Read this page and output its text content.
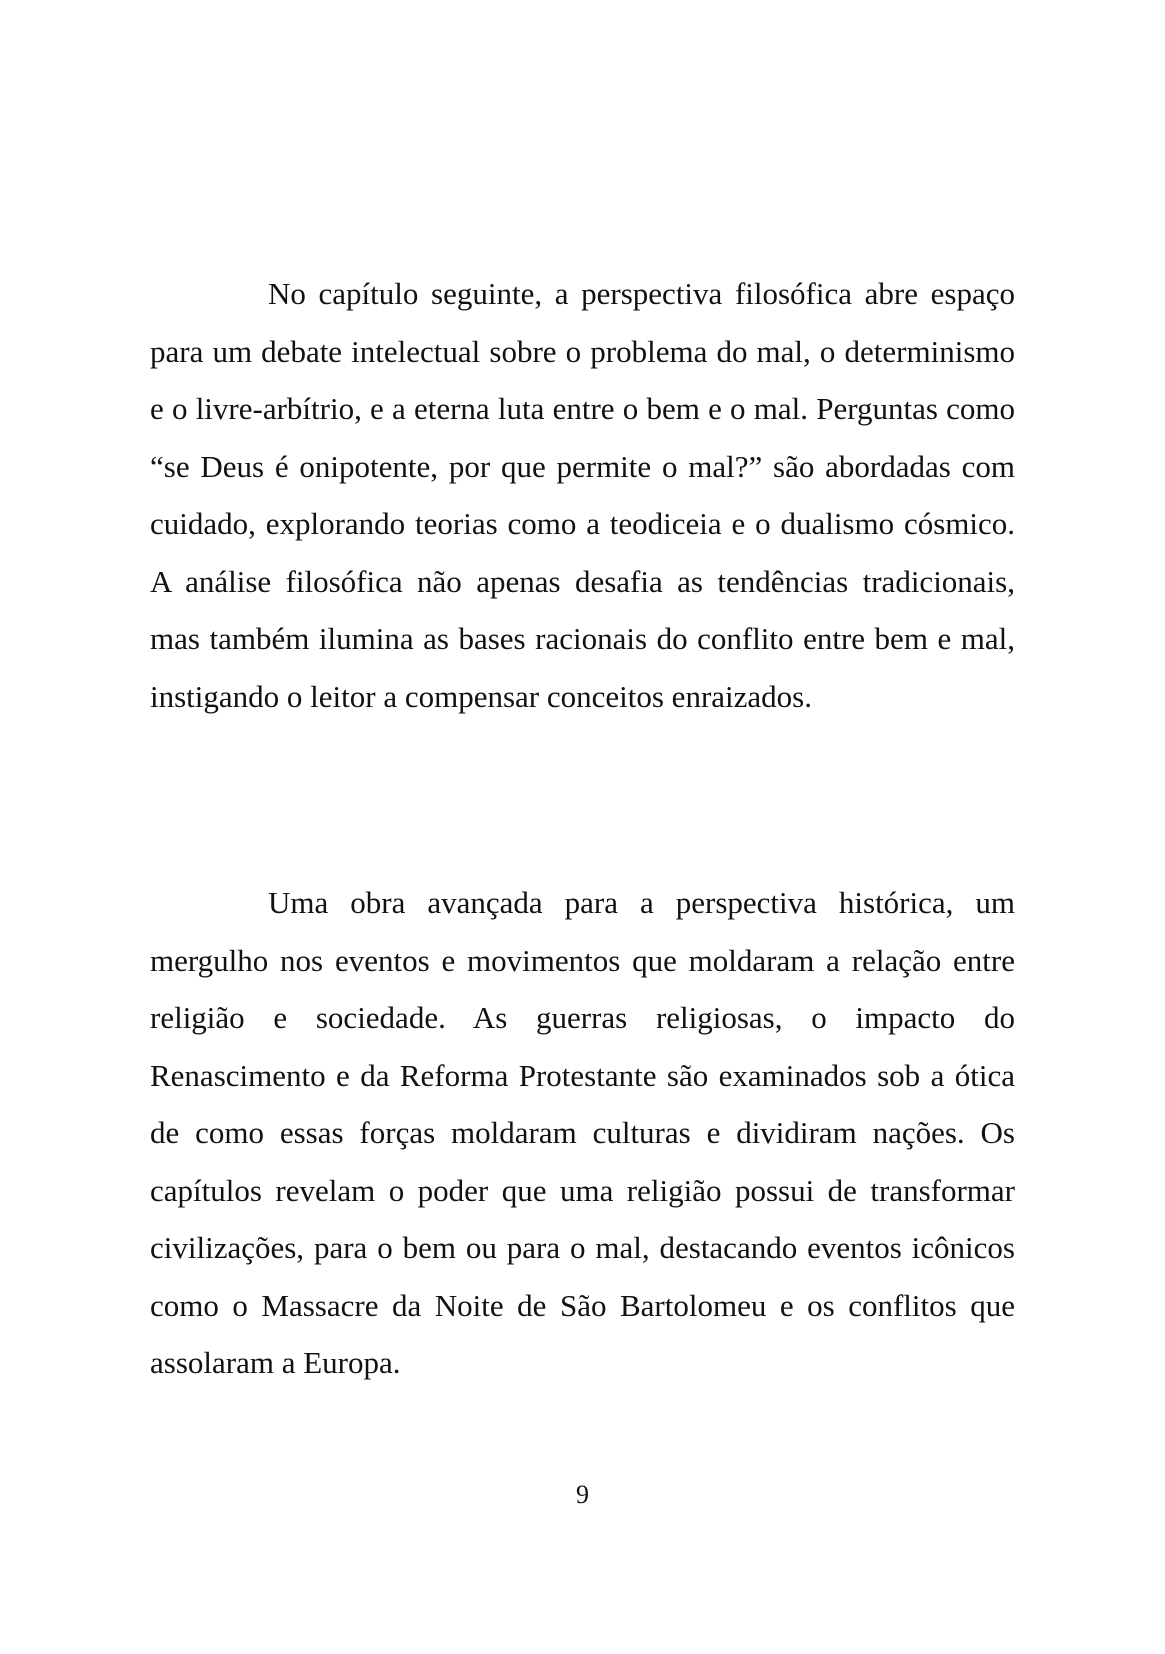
No capítulo seguinte, a perspectiva filosófica abre espaço para um debate intelectual sobre o problema do mal, o determinismo e o livre-arbítrio, e a eterna luta entre o bem e o mal. Perguntas como “se Deus é onipotente, por que permite o mal?” são abordadas com cuidado, explorando teorias como a teodiceia e o dualismo cósmico. A análise filosófica não apenas desafia as tendências tradicionais, mas também ilumina as bases racionais do conflito entre bem e mal, instigando o leitor a compensar conceitos enraizados.

Uma obra avançada para a perspectiva histórica, um mergulho nos eventos e movimentos que moldaram a relação entre religião e sociedade. As guerras religiosas, o impacto do Renascimento e da Reforma Protestante são examinados sob a ótica de como essas forças moldaram culturas e dividiram nações. Os capítulos revelam o poder que uma religião possui de transformar civilizações, para o bem ou para o mal, destacando eventos icônicos como o Massacre da Noite de São Bartolomeu e os conflitos que assolaram a Europa.

9
